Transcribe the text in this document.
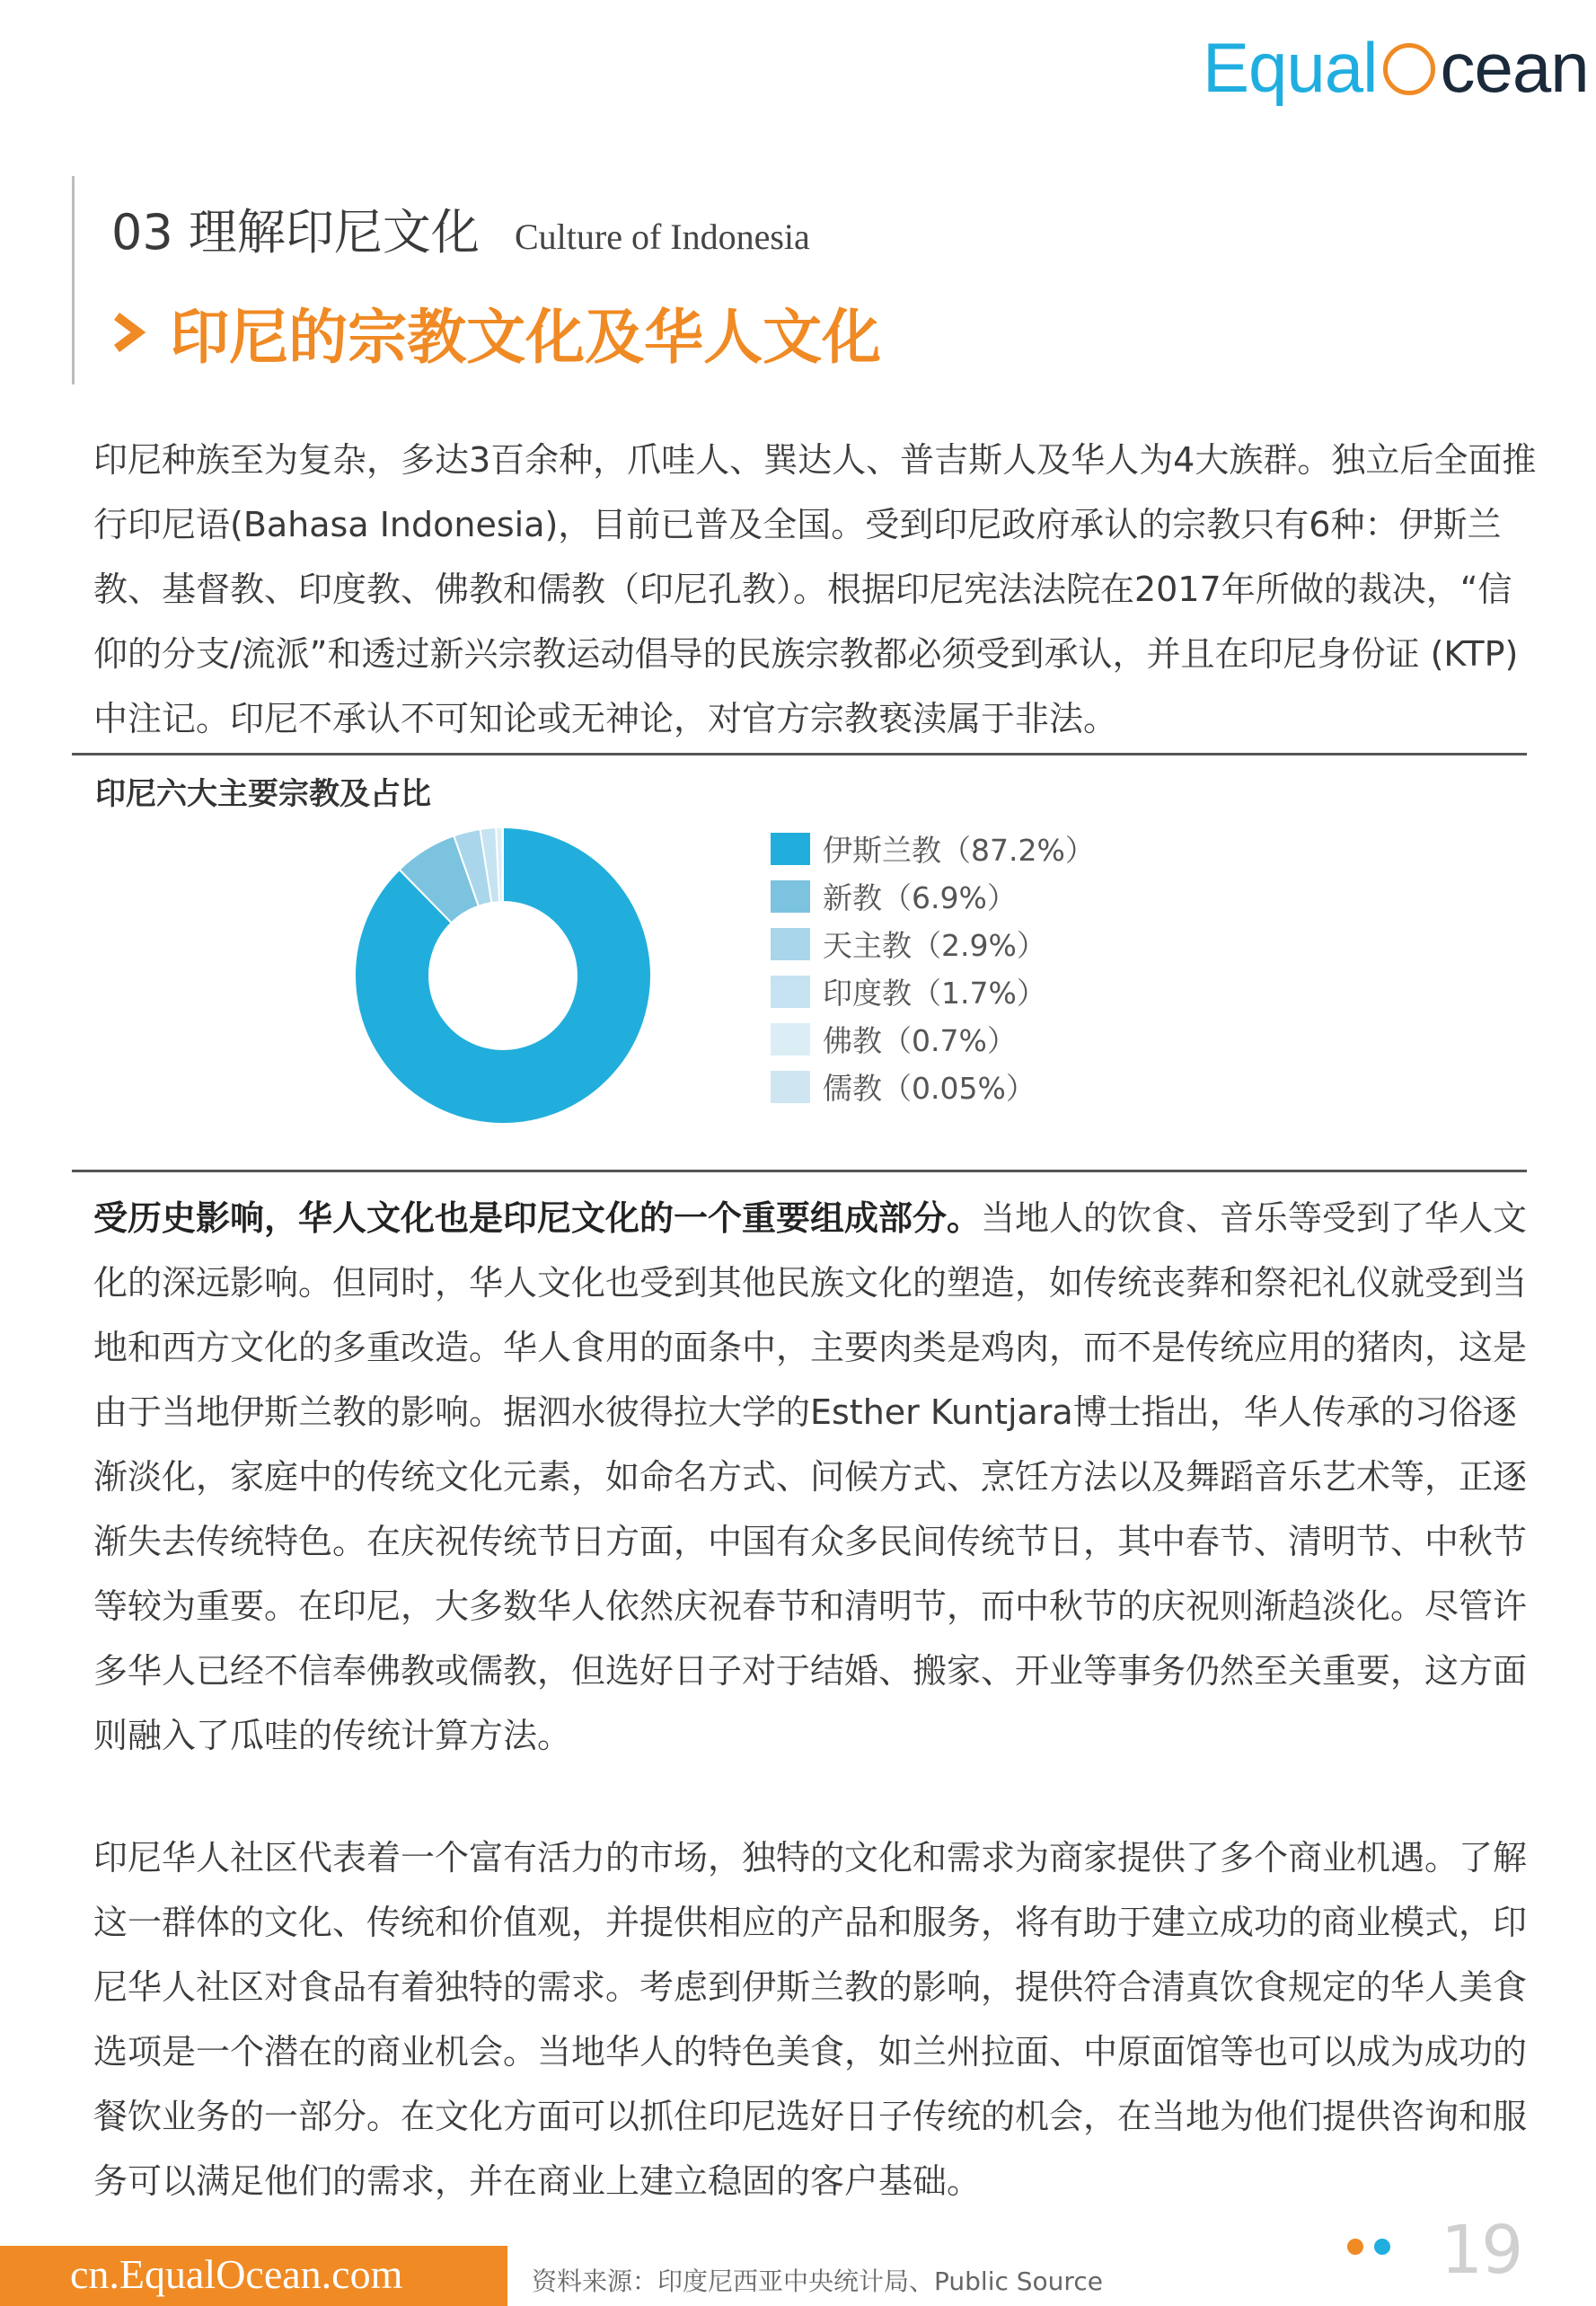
Equal cean
03 理解印尼文化 Culture of Indonesia
印尼的宗教文化及华人文化

印尼种族至为复杂，多达3百余种，爪哇人、巽达人、普吉斯人及华人为4大族群。独立后全面推行印尼语(Bahasa Indonesia)，目前已普及全国。受到印尼政府承认的宗教只有6种：伊斯兰教、基督教、印度教、佛教和儒教（印尼孔教）。根据印尼宪法法院在2017年所做的裁决，“信仰的分支/流派”和透过新兴宗教运动倡导的民族宗教都必须受到承认，并且在印尼身份证 (KTP) 中注记。印尼不承认不可知论或无神论，对官方宗教亵渎属于非法。

印尼六大主要宗教及占比
伊斯兰教（87.2%）
新教（6.9%）
天主教（2.9%）
印度教（1.7%）
佛教（0.7%）
儒教（0.05%）

受历史影响，华人文化也是印尼文化的一个重要组成部分。当地人的饮食、音乐等受到了华人文化的深远影响。但同时，华人文化也受到其他民族文化的塑造，如传统丧葬和祭祀礼仪就受到当地和西方文化的多重改造。华人食用的面条中，主要肉类是鸡肉，而不是传统应用的猪肉，这是由于当地伊斯兰教的影响。据泗水彼得拉大学的Esther Kuntjara博士指出，华人传承的习俗逐渐淡化，家庭中的传统文化元素，如命名方式、问候方式、烹饪方法以及舞蹈音乐艺术等，正逐渐失去传统特色。在庆祝传统节日方面，中国有众多民间传统节日，其中春节、清明节、中秋节等较为重要。在印尼，大多数华人依然庆祝春节和清明节，而中秋节的庆祝则渐趋淡化。尽管许多华人已经不信奉佛教或儒教，但选好日子对于结婚、搬家、开业等事务仍然至关重要，这方面则融入了瓜哇的传统计算方法。

印尼华人社区代表着一个富有活力的市场，独特的文化和需求为商家提供了多个商业机遇。了解这一群体的文化、传统和价值观，并提供相应的产品和服务，将有助于建立成功的商业模式，印尼华人社区对食品有着独特的需求。考虑到伊斯兰教的影响，提供符合清真饮食规定的华人美食选项是一个潜在的商业机会。当地华人的特色美食，如兰州拉面、中原面馆等也可以成为成功的餐饮业务的一部分。在文化方面可以抓住印尼选好日子传统的机会，在当地为他们提供咨询和服务可以满足他们的需求，并在商业上建立稳固的客户基础。

cn.EqualOcean.com	资料来源：印度尼西亚中央统计局、Public Source	19
